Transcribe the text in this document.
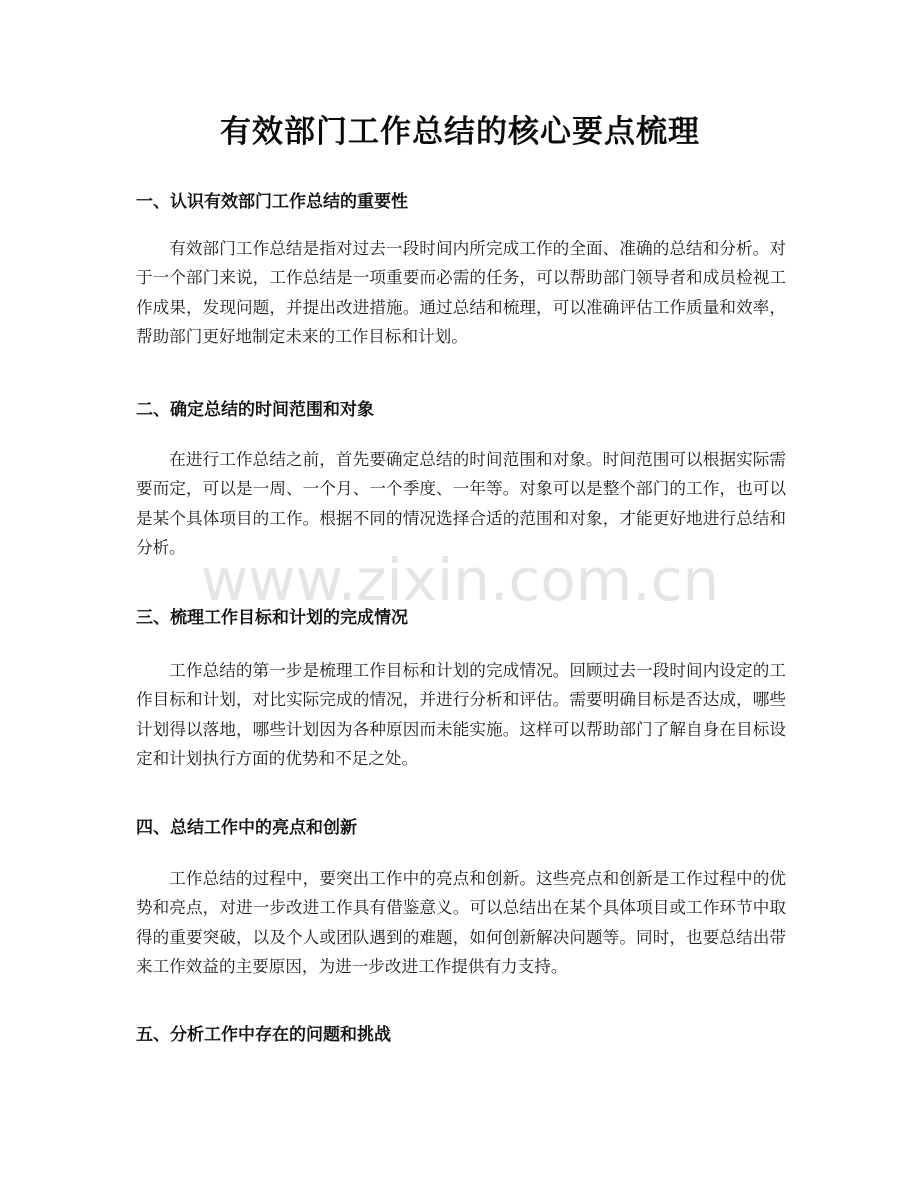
有效部门工作总结的核心要点梳理
一、认识有效部门工作总结的重要性

有效部门工作总结是指对过去一段时间内所完成工作的全面、准确的总结和分析。对于一个部门来说，工作总结是一项重要而必需的任务，可以帮助部门领导者和成员检视工作成果，发现问题，并提出改进措施。通过总结和梳理，可以准确评估工作质量和效率，帮助部门更好地制定未来的工作目标和计划。

二、确定总结的时间范围和对象

在进行工作总结之前，首先要确定总结的时间范围和对象。时间范围可以根据实际需要而定，可以是一周、一个月、一个季度、一年等。对象可以是整个部门的工作，也可以是某个具体项目的工作。根据不同的情况选择合适的范围和对象，才能更好地进行总结和分析。

三、梳理工作目标和计划的完成情况

工作总结的第一步是梳理工作目标和计划的完成情况。回顾过去一段时间内设定的工作目标和计划，对比实际完成的情况，并进行分析和评估。需要明确目标是否达成，哪些计划得以落地，哪些计划因为各种原因而未能实施。这样可以帮助部门了解自身在目标设定和计划执行方面的优势和不足之处。

四、总结工作中的亮点和创新

工作总结的过程中，要突出工作中的亮点和创新。这些亮点和创新是工作过程中的优势和亮点，对进一步改进工作具有借鉴意义。可以总结出在某个具体项目或工作环节中取得的重要突破，以及个人或团队遇到的难题，如何创新解决问题等。同时，也要总结出带来工作效益的主要原因，为进一步改进工作提供有力支持。

五、分析工作中存在的问题和挑战
www.zixin.com.cn
